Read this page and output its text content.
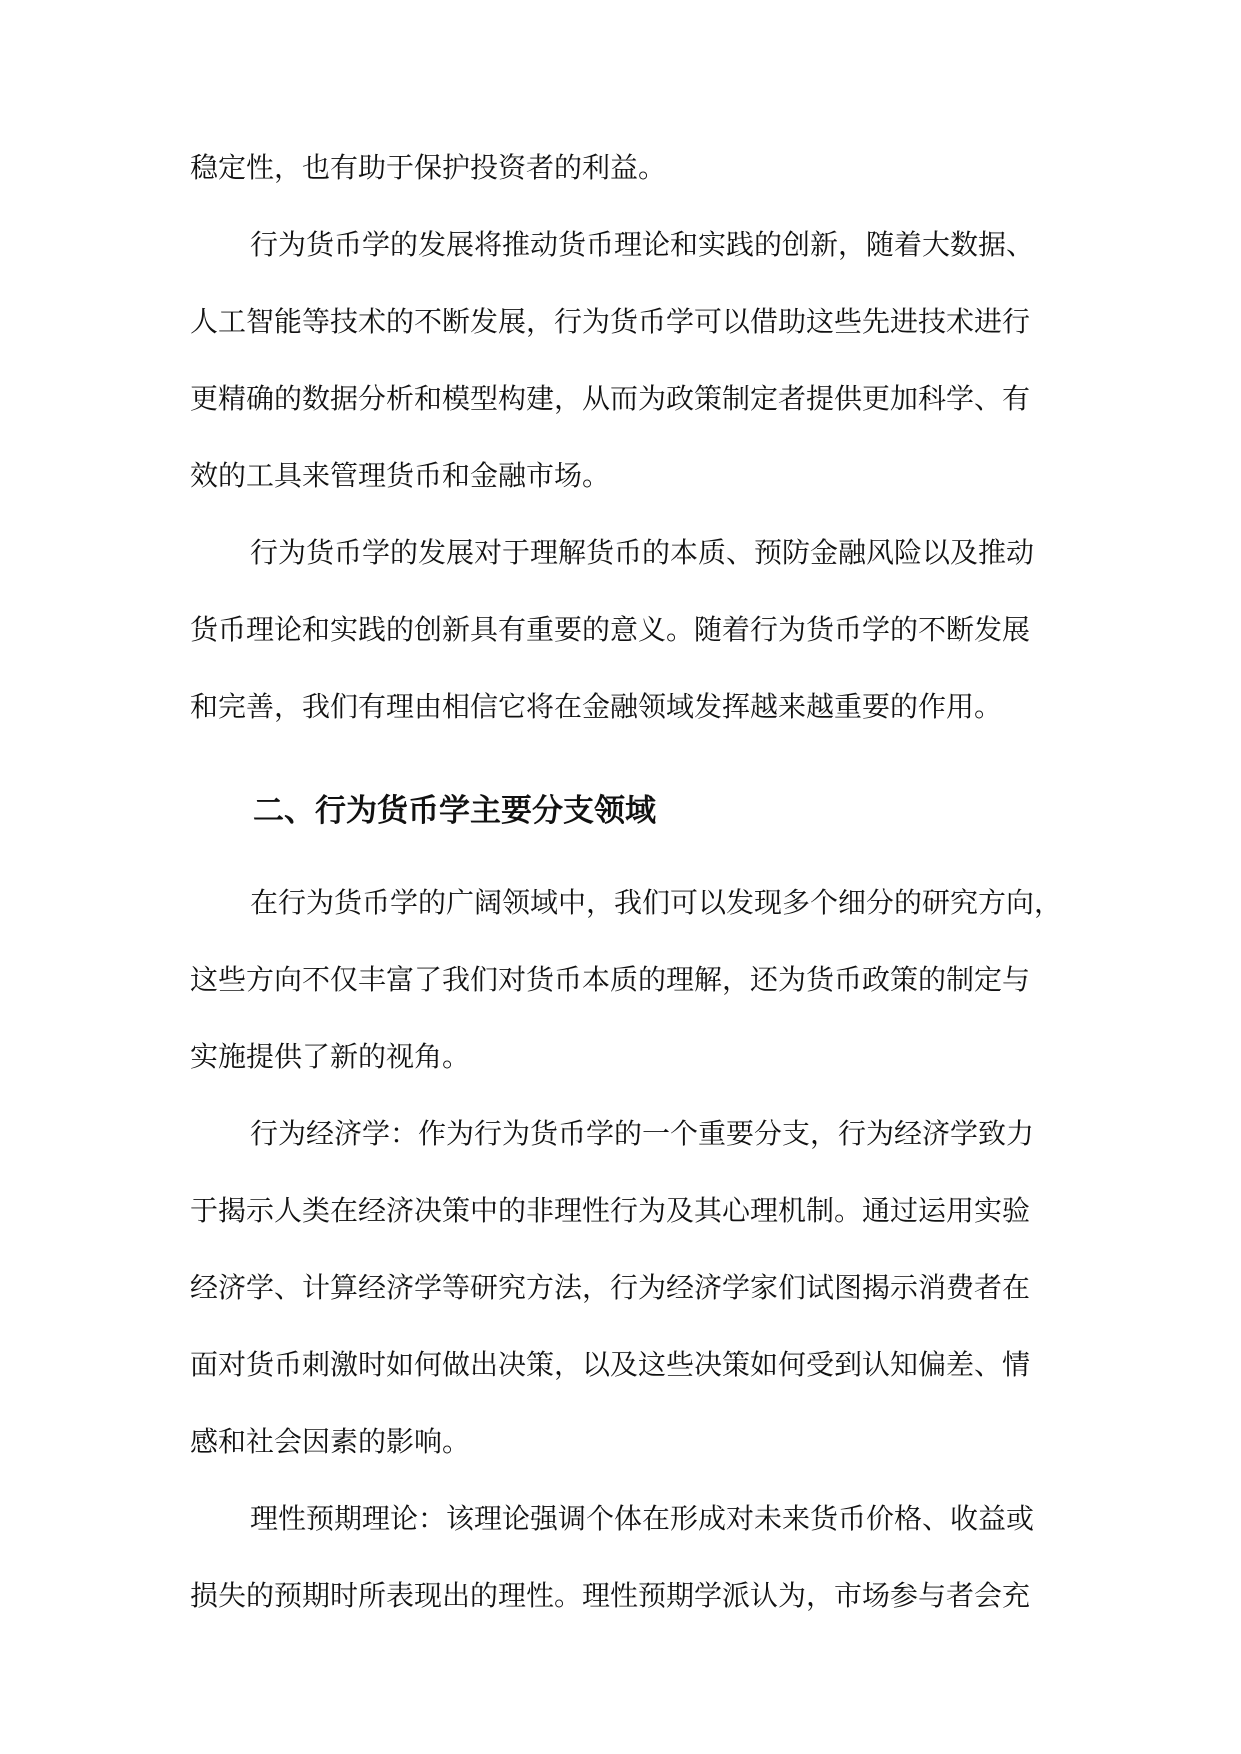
稳定性，也有助于保护投资者的利益。

行为货币学的发展将推动货币理论和实践的创新，随着大数据、

人工智能等技术的不断发展，行为货币学可以借助这些先进技术进行

更精确的数据分析和模型构建，从而为政策制定者提供更加科学、有

效的工具来管理货币和金融市场。

行为货币学的发展对于理解货币的本质、预防金融风险以及推动

货币理论和实践的创新具有重要的意义。随着行为货币学的不断发展

和完善，我们有理由相信它将在金融领域发挥越来越重要的作用。

二、行为货币学主要分支领域

在行为货币学的广阔领域中，我们可以发现多个细分的研究方向，

这些方向不仅丰富了我们对货币本质的理解，还为货币政策的制定与

实施提供了新的视角。

行为经济学：作为行为货币学的一个重要分支，行为经济学致力

于揭示人类在经济决策中的非理性行为及其心理机制。通过运用实验

经济学、计算经济学等研究方法，行为经济学家们试图揭示消费者在

面对货币刺激时如何做出决策，以及这些决策如何受到认知偏差、情

感和社会因素的影响。

理性预期理论：该理论强调个体在形成对未来货币价格、收益或

损失的预期时所表现出的理性。理性预期学派认为，市场参与者会充
